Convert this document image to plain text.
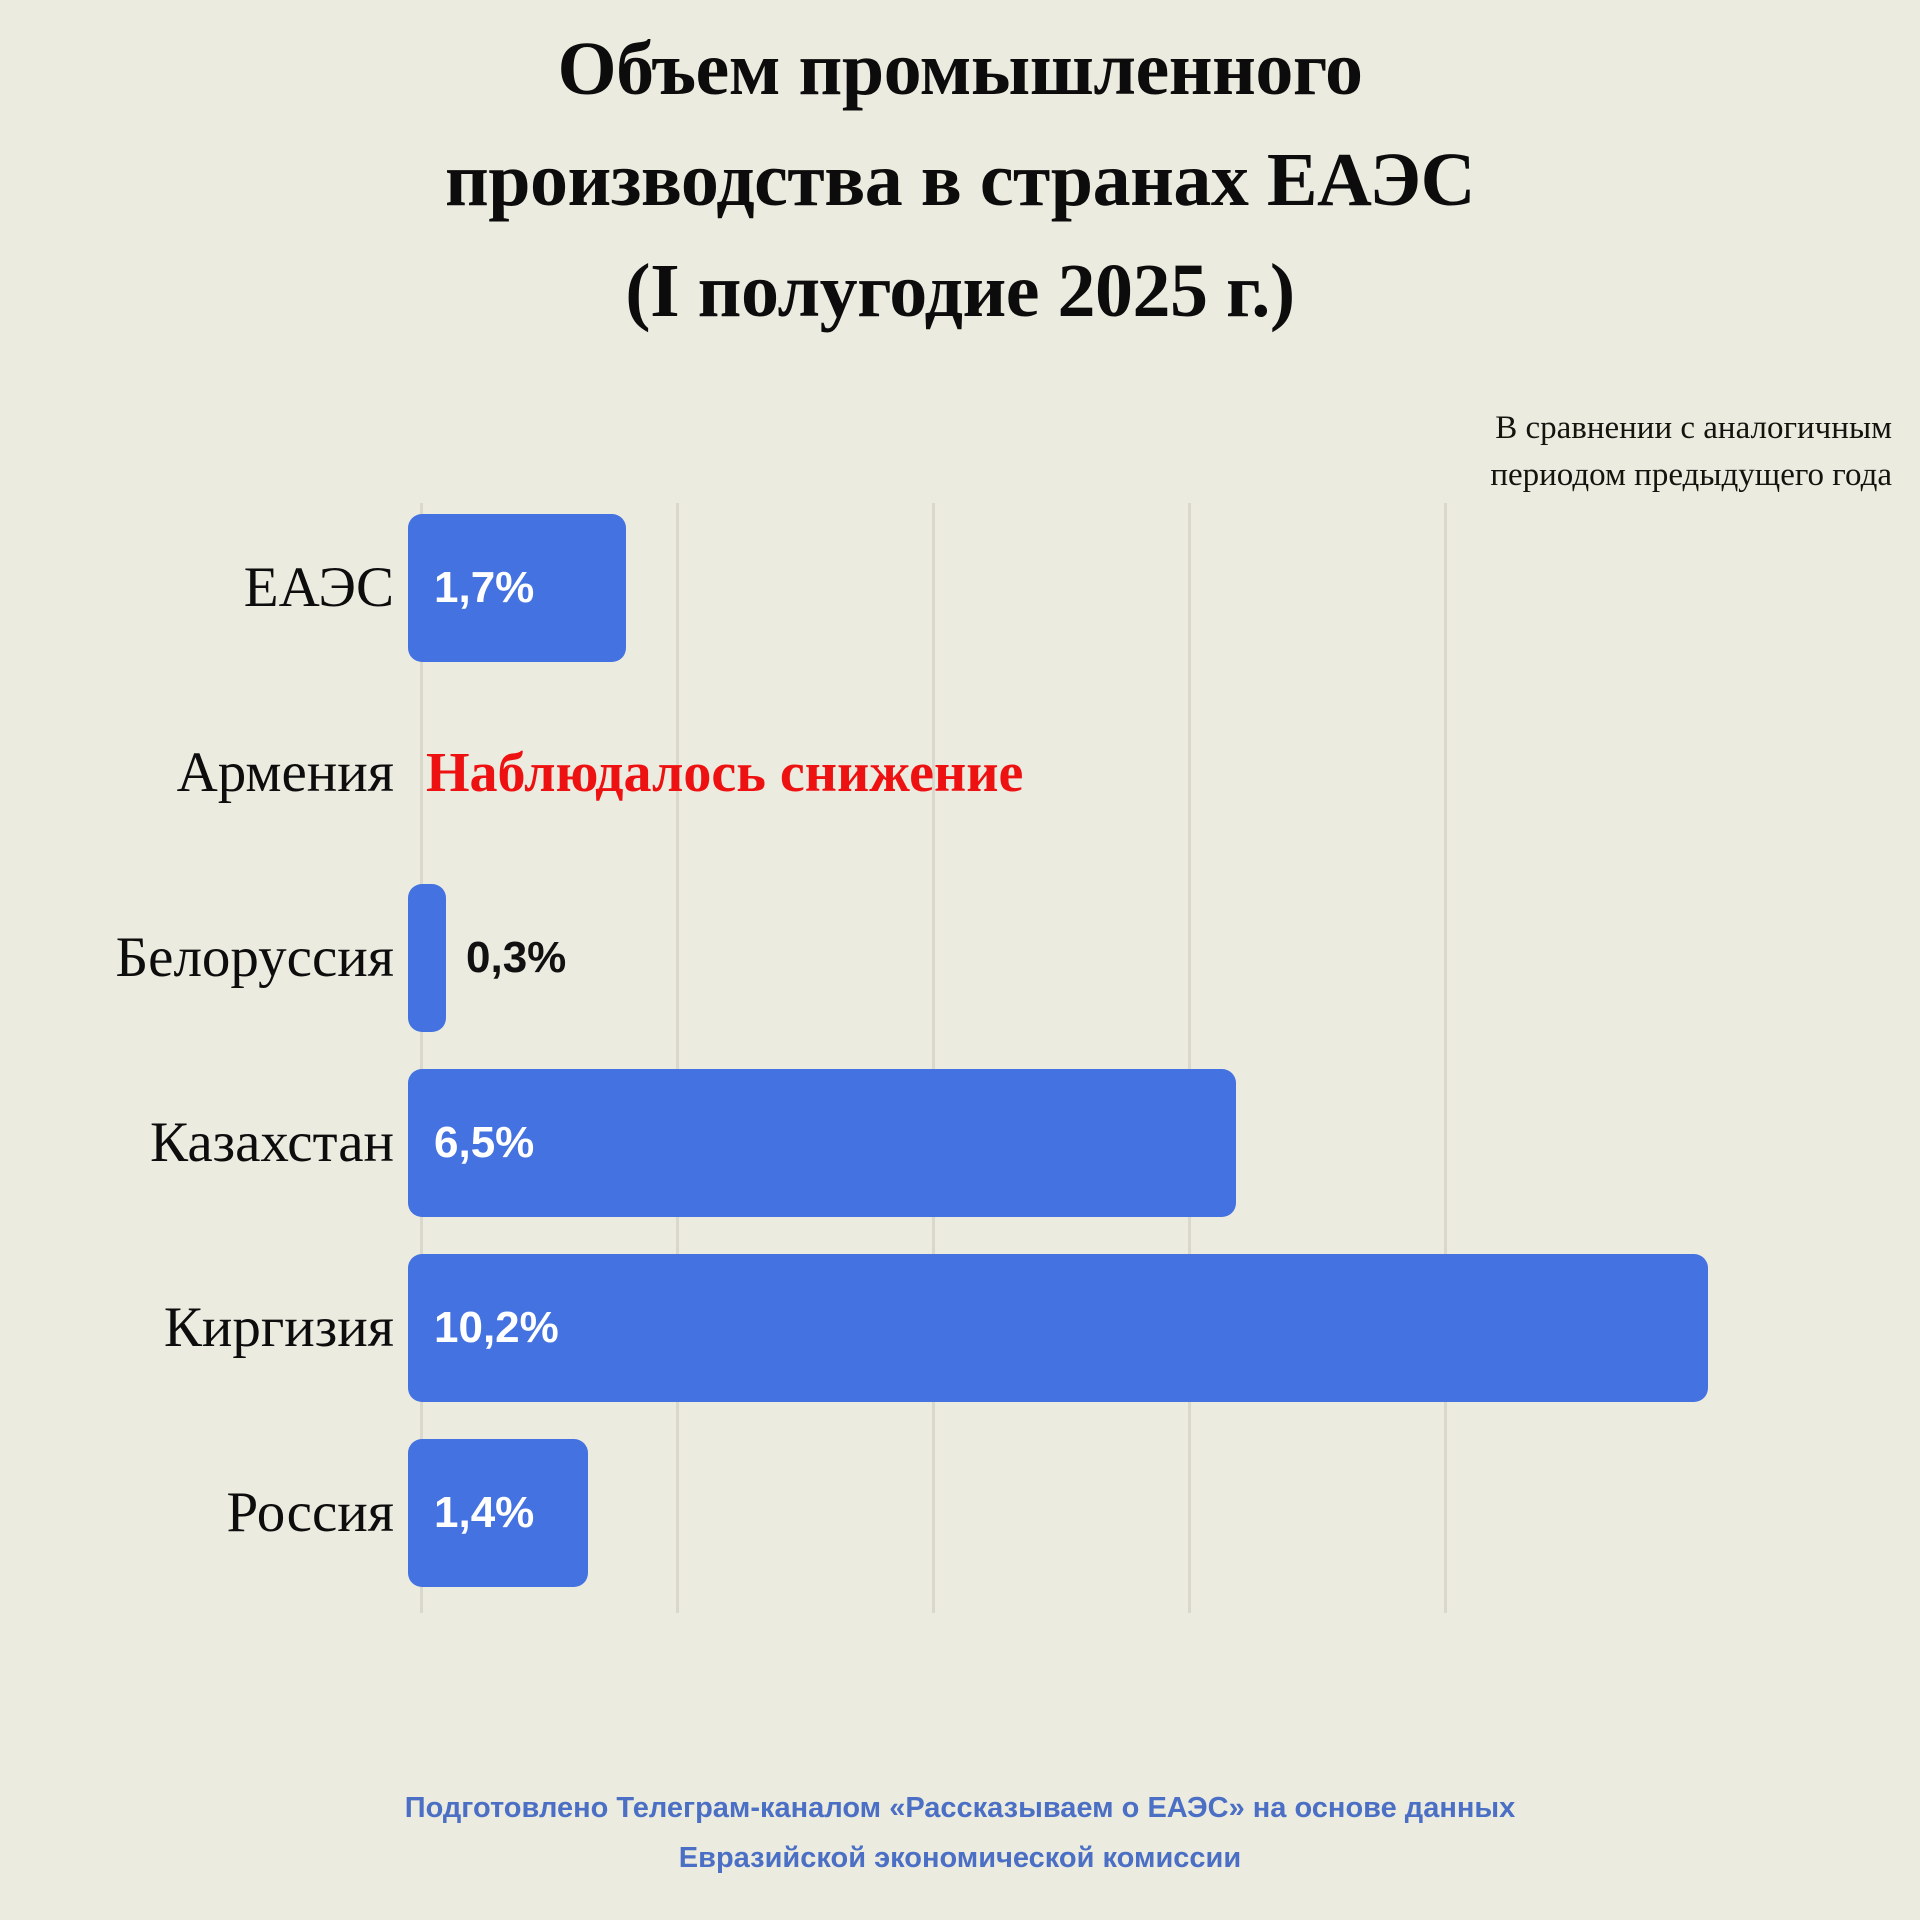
Объем промышленного
производства в странах ЕАЭС
(I полугодие 2025 г.)
В сравнении с аналогичным
периодом предыдущего года
ЕАЭС 1,7%
Армения Наблюдалось снижение
Белоруссия	0,3%
Казахстан 6,5%
Киргизия 10,2%
Россия 1,4%
Подготовлено Телеграм-каналом «Рассказываем о ЕАЭС» на основе данных
Евразийской экономической комиссии
